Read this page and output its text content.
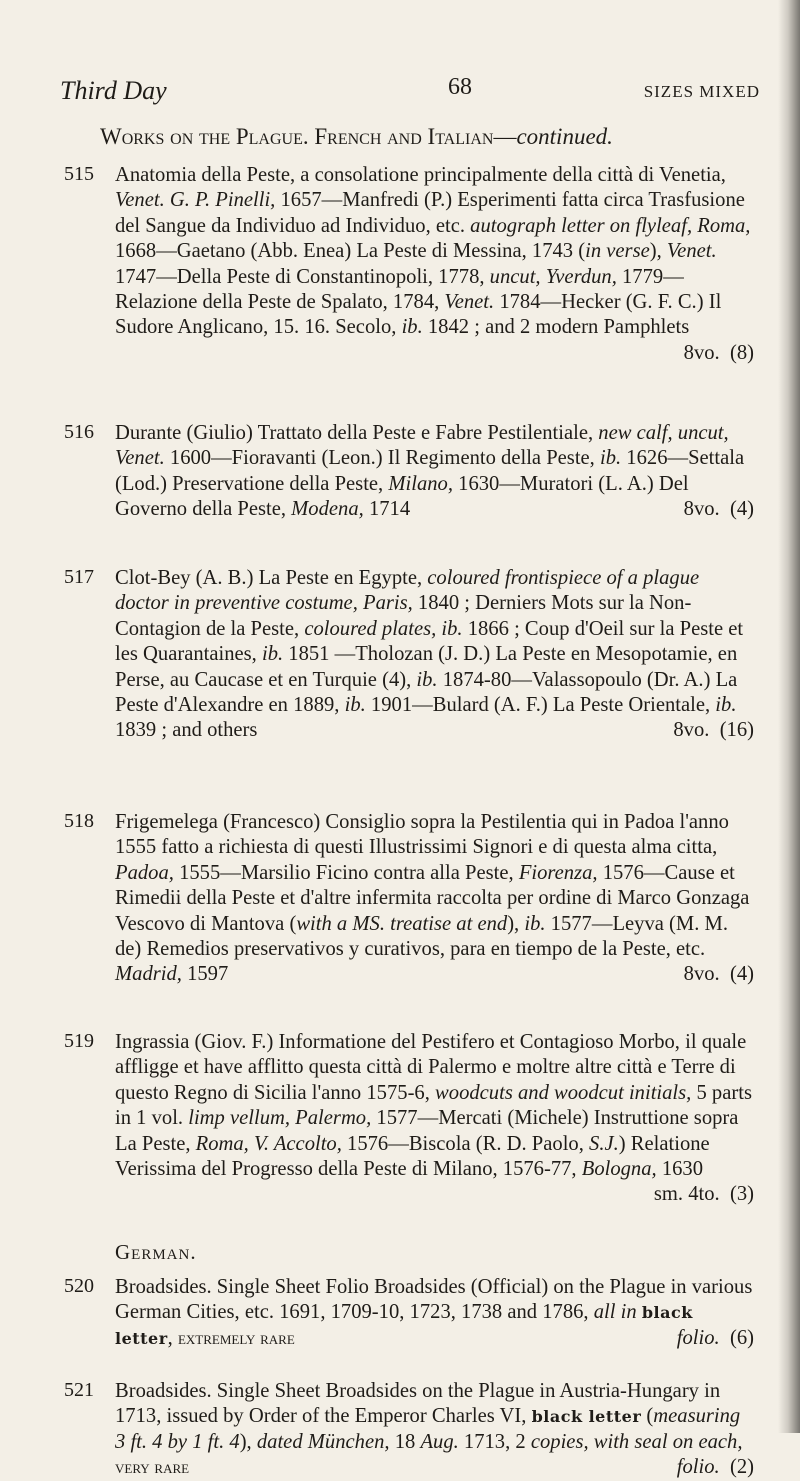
Third Day	68	SIZES MIXED
Works on the Plague. French and Italian—continued.
515 Anatomia della Peste, a consolatione principalmente della città di Venetia, Venet. G. P. Pinelli, 1657—Manfredi (P.) Esperimenti fatta circa Trasfusione del Sangue da Individuo ad Individuo, etc. autograph letter on flyleaf, Roma, 1668—Gaetano (Abb. Enea) La Peste di Messina, 1743 (in verse), Venet. 1747—Della Peste di Constantinopoli, 1778, uncut, Yverdun, 1779—Relazione della Peste de Spalato, 1784, Venet. 1784—Hecker (G. F. C.) Il Sudore Anglicano, 15. 16. Secolo, ib. 1842 ; and 2 modern Pamphlets
8vo. (8)
516 Durante (Giulio) Trattato della Peste e Fabre Pestilentiale, new calf, uncut, Venet. 1600—Fioravanti (Leon.) Il Regimento della Peste, ib. 1626—Settala (Lod.) Preservatione della Peste, Milano, 1630—Muratori (L. A.) Del Governo della Peste, Modena, 1714	8vo. (4)
517 Clot-Bey (A. B.) La Peste en Egypte, coloured frontispiece of a plague doctor in preventive costume, Paris, 1840 ; Derniers Mots sur la Non-Contagion de la Peste, coloured plates, ib. 1866 ; Coup d'Oeil sur la Peste et les Quarantaines, ib. 1851 —Tholozan (J. D.) La Peste en Mesopotamie, en Perse, au Caucase et en Turquie (4), ib. 1874-80—Valassopoulo (Dr. A.) La Peste d'Alexandre en 1889, ib. 1901—Bulard (A. F.) La Peste Orientale, ib. 1839 ; and others	8vo. (16)
518 Frigemelega (Francesco) Consiglio sopra la Pestilentia qui in Padoa l'anno 1555 fatto a richiesta di questi Illustrissimi Signori e di questa alma citta, Padoa, 1555—Marsilio Ficino contra alla Peste, Fiorenza, 1576—Cause et Rimedii della Peste et d'altre infermita raccolta per ordine di Marco Gonzaga Vescovo di Mantova (with a MS. treatise at end), ib. 1577—Leyva (M. M. de) Remedios preservativos y curativos, para en tiempo de la Peste, etc. Madrid, 1597	8vo. (4)
519 Ingrassia (Giov. F.) Informatione del Pestifero et Contagioso Morbo, il quale affligge et have afflitto questa città di Palermo e moltre altre città e Terre di questo Regno di Sicilia l'anno 1575-6, woodcuts and woodcut initials, 5 parts in 1 vol. limp vellum, Palermo, 1577—Mercati (Michele) Instruttione sopra La Peste, Roma, V. Accolto, 1576—Biscola (R. D. Paolo, S.J.) Relatione Verissima del Progresso della Peste di Milano, 1576-77, Bologna, 1630
sm. 4to. (3)
German.
520 Broadsides. Single Sheet Folio Broadsides (Official) on the Plague in various German Cities, etc. 1691, 1709-10, 1723, 1738 and 1786, all in black letter, extremely rare	folio. (6)
521 Broadsides. Single Sheet Broadsides on the Plague in Austria-Hungary in 1713, issued by Order of the Emperor Charles VI, black letter (measuring 3 ft. 4 by 1 ft. 4), dated München, 18 Aug. 1713, 2 copies, with seal on each, very rare	folio. (2)
